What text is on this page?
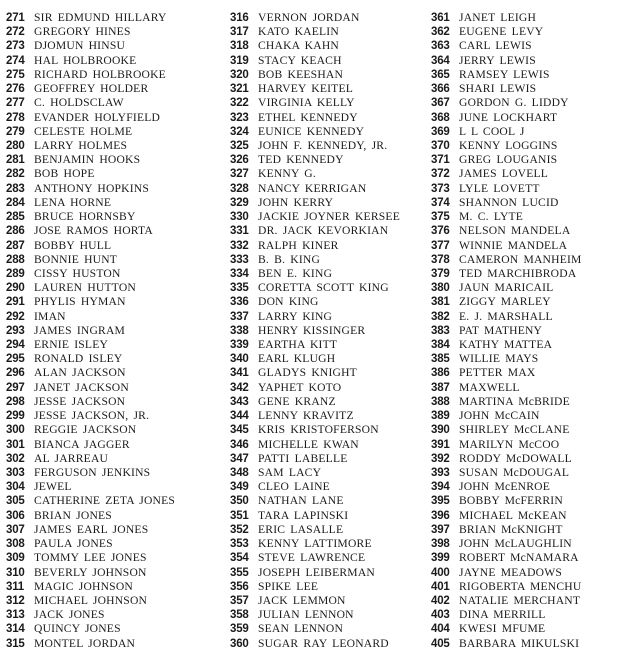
271 SIR EDMUND HILLARY
272 GREGORY HINES
273 DJOMUN HINSU
274 HAL HOLBROOKE
275 RICHARD HOLBROOKE
276 GEOFFREY HOLDER
277 C. HOLDSCLAW
278 EVANDER HOLYFIELD
279 CELESTE HOLME
280 LARRY HOLMES
281 BENJAMIN HOOKS
282 BOB HOPE
283 ANTHONY HOPKINS
284 LENA HORNE
285 BRUCE HORNSBY
286 JOSE RAMOS HORTA
287 BOBBY HULL
288 BONNIE HUNT
289 CISSY HUSTON
290 LAUREN HUTTON
291 PHYLIS HYMAN
292 IMAN
293 JAMES INGRAM
294 ERNIE ISLEY
295 RONALD ISLEY
296 ALAN JACKSON
297 JANET JACKSON
298 JESSE JACKSON
299 JESSE JACKSON, JR.
300 REGGIE JACKSON
301 BIANCA JAGGER
302 AL JARREAU
303 FERGUSON JENKINS
304 JEWEL
305 CATHERINE ZETA JONES
306 BRIAN JONES
307 JAMES EARL JONES
308 PAULA JONES
309 TOMMY LEE JONES
310 BEVERLY JOHNSON
311 MAGIC JOHNSON
312 MICHAEL JOHNSON
313 JACK JONES
314 QUINCY JONES
315 MONTEL JORDAN
316 VERNON JORDAN
317 KATO KAELIN
318 CHAKA KAHN
319 STACY KEACH
320 BOB KEESHAN
321 HARVEY KEITEL
322 VIRGINIA KELLY
323 ETHEL KENNEDY
324 EUNICE KENNEDY
325 JOHN F. KENNEDY, JR.
326 TED KENNEDY
327 KENNY G.
328 NANCY KERRIGAN
329 JOHN KERRY
330 JACKIE JOYNER KERSEE
331 DR. JACK KEVORKIAN
332 RALPH KINER
333 B. B. KING
334 BEN E. KING
335 CORETTA SCOTT KING
336 DON KING
337 LARRY KING
338 HENRY KISSINGER
339 EARTHA KITT
340 EARL KLUGH
341 GLADYS KNIGHT
342 YAPHET KOTO
343 GENE KRANZ
344 LENNY KRAVITZ
345 KRIS KRISTOFERSON
346 MICHELLE KWAN
347 PATTI LABELLE
348 SAM LACY
349 CLEO LAINE
350 NATHAN LANE
351 TARA LAPINSKI
352 ERIC LASALLE
353 KENNY LATTIMORE
354 STEVE LAWRENCE
355 JOSEPH LEIBERMAN
356 SPIKE LEE
357 JACK LEMMON
358 JULIAN LENNON
359 SEAN LENNON
360 SUGAR RAY LEONARD
361 JANET LEIGH
362 EUGENE LEVY
363 CARL LEWIS
364 JERRY LEWIS
365 RAMSEY LEWIS
366 SHARI LEWIS
367 GORDON G. LIDDY
368 JUNE LOCKHART
369 L L COOL J
370 KENNY LOGGINS
371 GREG LOUGANIS
372 JAMES LOVELL
373 LYLE LOVETT
374 SHANNON LUCID
375 M. C. LYTE
376 NELSON MANDELA
377 WINNIE MANDELA
378 CAMERON MANHEIM
379 TED MARCHIBRODA
380 JAUN MARICAIL
381 ZIGGY MARLEY
382 E. J. MARSHALL
383 PAT MATHENY
384 KATHY MATTEA
385 WILLIE MAYS
386 PETTER MAX
387 MAXWELL
388 MARTINA McBRIDE
389 JOHN McCAIN
390 SHIRLEY McCLANE
391 MARILYN McCOO
392 RODDY McDOWALL
393 SUSAN McDOUGAL
394 JOHN McENROE
395 BOBBY McFERRIN
396 MICHAEL McKEAN
397 BRIAN McKNIGHT
398 JOHN McLAUGHLIN
399 ROBERT McNAMARA
400 JAYNE MEADOWS
401 RIGOBERTA MENCHU
402 NATALIE MERCHANT
403 DINA MERRILL
404 KWESI MFUME
405 BARBARA MIKULSKI
